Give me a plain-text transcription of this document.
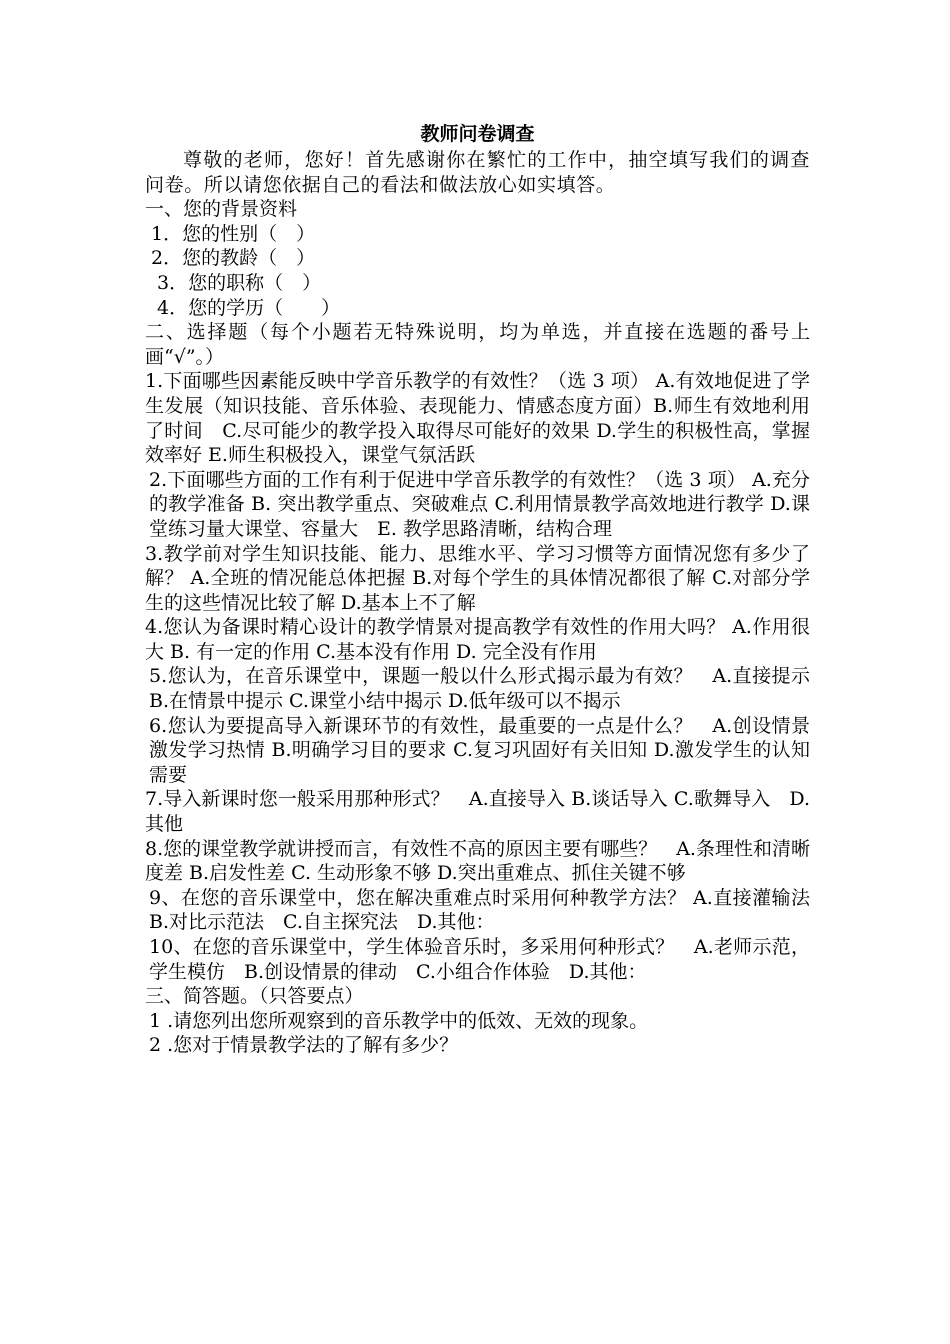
教师问卷调查

尊敬的老师，您好！首先感谢你在繁忙的工作中，抽空填写我们的调查问卷。所以请您依据自己的看法和做法放心如实填答。

一、您的背景资料

1．您的性别（　）

2．您的教龄（　）

3．您的职称（　）

4．您的学历（　　）

二、选择题（每个小题若无特殊说明，均为单选，并直接在选题的番号上画“√”。）

1.下面哪些因素能反映中学音乐教学的有效性？（选 3 项） A.有效地促进了学生发展（知识技能、音乐体验、表现能力、情感态度方面）B.师生有效地利用了时间　C.尽可能少的教学投入取得尽可能好的效果 D.学生的积极性高，掌握效率好 E.师生积极投入，课堂气氛活跃

2.下面哪些方面的工作有利于促进中学音乐教学的有效性？（选 3 项） A.充分的教学准备 B. 突出教学重点、突破难点 C.利用情景教学高效地进行教学 D.课堂练习量大课堂、容量大　E. 教学思路清晰，结构合理

3.教学前对学生知识技能、能力、思维水平、学习习惯等方面情况您有多少了解？ A.全班的情况能总体把握 B.对每个学生的具体情况都很了解 C.对部分学生的这些情况比较了解 D.基本上不了解

4.您认为备课时精心设计的教学情景对提高教学有效性的作用大吗？ A.作用很大 B. 有一定的作用 C.基本没有作用 D. 完全没有作用

5.您认为，在音乐课堂中，课题一般以什么形式揭示最为有效？　A.直接提示 B.在情景中提示 C.课堂小结中揭示 D.低年级可以不揭示

6.您认为要提高导入新课环节的有效性，最重要的一点是什么？　A.创设情景激发学习热情 B.明确学习目的要求 C.复习巩固好有关旧知 D.激发学生的认知需要

7.导入新课时您一般采用那种形式？　A.直接导入 B.谈话导入 C.歌舞导入　D.其他

8.您的课堂教学就讲授而言，有效性不高的原因主要有哪些？　A.条理性和清晰度差 B.启发性差 C. 生动形象不够 D.突出重难点、抓住关键不够

9、在您的音乐课堂中，您在解决重难点时采用何种教学方法？ A.直接灌输法　B.对比示范法　C.自主探究法　D.其他：

10、在您的音乐课堂中，学生体验音乐时，多采用何种形式？　A.老师示范，学生模仿　B.创设情景的律动　C.小组合作体验　D.其他：

三、简答题。（只答要点）

1 .请您列出您所观察到的音乐教学中的低效、无效的现象。

2 .您对于情景教学法的了解有多少？
